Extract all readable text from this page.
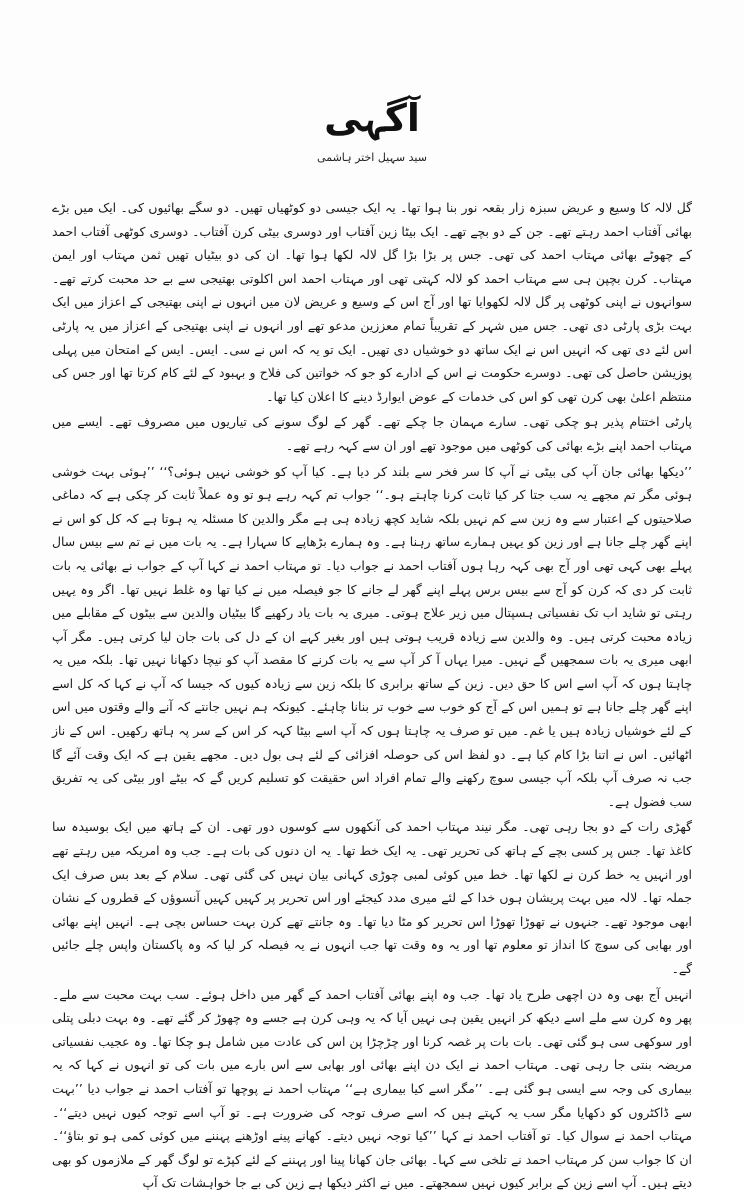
آگہی
سید سہیل اختر ہاشمی

گل لالہ کا وسیع و عریض سبزہ زار بقعہ نور بنا ہوا تھا۔ یہ ایک جیسی دو کوٹھیاں تھیں۔ دو سگے بھائیوں کی۔ ایک میں بڑے بھائی آفتاب احمد رہتے تھے۔ جن کے دو بچے تھے۔ ایک بیٹا زین آفتاب اور دوسری بیٹی کرن آفتاب۔ دوسری کوٹھی آفتاب احمد کے چھوٹے بھائی مہتاب احمد کی تھی۔ جس پر بڑا بڑا گل لالہ لکھا ہوا تھا۔ ان کی دو بیٹیاں تھیں ثمن مہتاب اور ایمن مہتاب۔ کرن بچپن ہی سے مہتاب احمد کو لالہ کہتی تھی اور مہتاب احمد اس اکلوتی بھتیجی سے بے حد محبت کرتے تھے۔ سوانہوں نے اپنی کوٹھی پر گل لالہ لکھوایا تھا اور آج اس کے وسیع و عریض لان میں انہوں نے اپنی بھتیجی کے اعزاز میں ایک بہت بڑی پارٹی دی تھی۔ جس میں شہر کے تقریباً تمام معززین مدعو تھے اور انہوں نے اپنی بھتیجی کے اعزاز میں یہ پارٹی اس لئے دی تھی کہ انہیں اس نے ایک ساتھ دو خوشیاں دی تھیں۔ ایک تو یہ کہ اس نے سی۔ ایس۔ ایس کے امتحان میں پہلی پوزیشن حاصل کی تھی۔ دوسرے حکومت نے اس کے ادارے کو جو کہ خواتین کی فلاح و بہبود کے لئے کام کرتا تھا اور جس کی منتظم اعلیٰ بھی کرن تھی کو اس کی خدمات کے عوض ایوارڈ دینے کا اعلان کیا تھا۔

پارٹی اختتام پذیر ہو چکی تھی۔ سارے مہمان جا چکے تھے۔ گھر کے لوگ سونے کی تیاریوں میں مصروف تھے۔ ایسے میں مہتاب احمد اپنے بڑے بھائی کی کوٹھی میں موجود تھے اور ان سے کہہ رہے تھے۔

’’دیکھا بھائی جان آپ کی بیٹی نے آپ کا سر فخر سے بلند کر دیا ہے۔ کیا آپ کو خوشی نہیں ہوئی؟‘‘ ’’ہوئی بہت خوشی ہوئی مگر تم مجھے یہ سب جتا کر کیا ثابت کرنا چاہتے ہو۔‘‘ جواب تم کہہ رہے ہو تو وہ عملاً ثابت کر چکی ہے کہ دماغی صلاحیتوں کے اعتبار سے وہ زین سے کم نہیں بلکہ شاید کچھ زیادہ ہی ہے مگر والدین کا مسئلہ یہ ہوتا ہے کہ کل کو اس نے اپنے گھر چلے جانا ہے اور زین کو یہیں ہمارے ساتھ رہنا ہے۔ وہ ہمارے بڑھاپے کا سہارا ہے۔ یہ بات میں نے تم سے بیس سال پہلے بھی کہی تھی اور آج بھی کہہ رہا ہوں آفتاب احمد نے جواب دیا۔ تو مہتاب احمد نے کہا آپ کے جواب نے بھائی یہ بات ثابت کر دی کہ کرن کو آج سے بیس برس پہلے اپنے گھر لے جانے کا جو فیصلہ میں نے کیا تھا وہ غلط نہیں تھا۔ اگر وہ یہیں رہتی تو شاید اب تک نفسیاتی ہسپتال میں زیر علاج ہوتی۔ میری یہ بات یاد رکھیے گا بیٹیاں والدین سے بیٹوں کے مقابلے میں زیادہ محبت کرتی ہیں۔ وہ والدین سے زیادہ قریب ہوتی ہیں اور بغیر کہے ان کے دل کی بات جان لیا کرتی ہیں۔ مگر آپ ابھی میری یہ بات سمجھیں گے نہیں۔ میرا یہاں آ کر آپ سے یہ بات کرنے کا مقصد آپ کو نیچا دکھانا نہیں تھا۔ بلکہ میں یہ چاہتا ہوں کہ آپ اسے اس کا حق دیں۔ زین کے ساتھ برابری کا بلکہ زین سے زیادہ کیوں کہ جیسا کہ آپ نے کہا کہ کل اسے اپنے گھر چلے جانا ہے تو ہمیں اس کے آج کو خوب سے خوب تر بنانا چاہئے۔ کیونکہ ہم نہیں جانتے کہ آنے والے وقتوں میں اس کے لئے خوشیاں زیادہ ہیں یا غم۔ میں تو صرف یہ چاہتا ہوں کہ آپ اسے بیٹا کہہ کر اس کے سر پہ ہاتھ رکھیں۔ اس کے ناز اٹھائیں۔ اس نے اتنا بڑا کام کیا ہے۔ دو لفظ اس کی حوصلہ افزائی کے لئے ہی بول دیں۔ مجھے یقین ہے کہ ایک وقت آئے گا جب نہ صرف آپ بلکہ آپ جیسی سوچ رکھنے والے تمام افراد اس حقیقت کو تسلیم کریں گے کہ بیٹے اور بیٹی کی یہ تفریق سب فضول ہے۔

گھڑی رات کے دو بجا رہی تھی۔ مگر نیند مہتاب احمد کی آنکھوں سے کوسوں دور تھی۔ ان کے ہاتھ میں ایک بوسیدہ سا کاغذ تھا۔ جس پر کسی بچے کے ہاتھ کی تحریر تھی۔ یہ ایک خط تھا۔ یہ ان دنوں کی بات ہے۔ جب وہ امریکہ میں رہتے تھے اور انہیں یہ خط کرن نے لکھا تھا۔ خط میں کوئی لمبی چوڑی کہانی بیان نہیں کی گئی تھی۔ سلام کے بعد بس صرف ایک جملہ تھا۔ لالہ میں بہت پریشان ہوں خدا کے لئے میری مدد کیجئے اور اس تحریر پر کہیں کہیں آنسوؤں کے قطروں کے نشان ابھی موجود تھے۔ جنہوں نے تھوڑا تھوڑا اس تحریر کو مٹا دیا تھا۔ وہ جانتے تھے کرن بہت حساس بچی ہے۔ انہیں اپنے بھائی اور بھابی کی سوچ کا انداز تو معلوم تھا اور یہ وہ وقت تھا جب انہوں نے یہ فیصلہ کر لیا کہ وہ پاکستان واپس چلے جائیں گے۔

انہیں آج بھی وہ دن اچھی طرح یاد تھا۔ جب وہ اپنے بھائی آفتاب احمد کے گھر میں داخل ہوئے۔ سب بہت محبت سے ملے۔ پھر وہ کرن سے ملے اسے دیکھ کر انہیں یقین ہی نہیں آیا کہ یہ وہی کرن ہے جسے وہ چھوڑ کر گئے تھے۔ وہ بہت دبلی پتلی اور سوکھی سی ہو گئی تھی۔ بات بات پر غصہ کرنا اور چڑچڑا پن اس کی عادت میں شامل ہو چکا تھا۔ وہ عجیب نفسیاتی مریضہ بنتی جا رہی تھی۔ مہتاب احمد نے ایک دن اپنے بھائی اور بھابی سے اس بارے میں بات کی تو انہوں نے کہا کہ یہ بیماری کی وجہ سے ایسی ہو گئی ہے۔ ’’مگر اسے کیا بیماری ہے‘‘ مہتاب احمد نے پوچھا تو آفتاب احمد نے جواب دیا ’’بہت سے ڈاکٹروں کو دکھایا مگر سب یہ کہتے ہیں کہ اسے صرف توجہ کی ضرورت ہے۔ تو آپ اسے توجہ کیوں نہیں دیتے‘‘۔ مہتاب احمد نے سوال کیا۔ تو آفتاب احمد نے کہا ’’کیا توجہ نہیں دیتے۔ کھانے پینے اوڑھنے پہننے میں کوئی کمی ہو تو بتاؤ‘‘۔ ان کا جواب سن کر مہتاب احمد نے تلخی سے کہا۔ بھائی جان کھانا پینا اور پہننے کے لئے کپڑے تو لوگ گھر کے ملازموں کو بھی دیتے ہیں۔ آپ اسے زین کے برابر کیوں نہیں سمجھتے۔ میں نے اکثر دیکھا ہے زین کی بے جا خواہشات تک آپ
